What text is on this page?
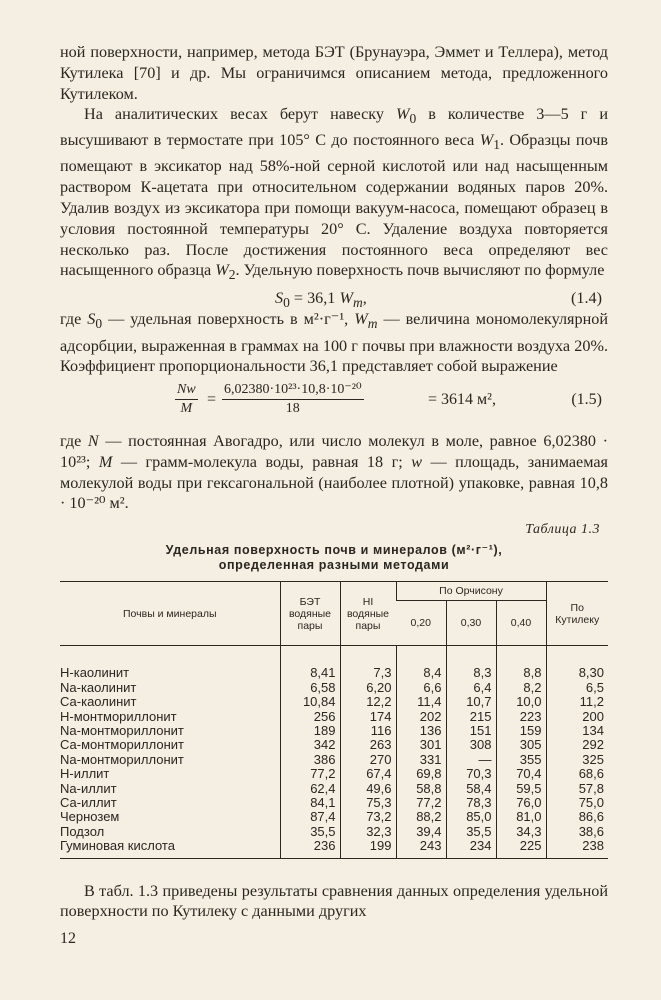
ной поверхности, например, метода БЭТ (Брунауэра, Эммет и Теллера), метод Кутилека [70] и др. Мы ограничимся описанием метода, предложенного Кутилеком.

На аналитических весах берут навеску $W_0$ в количестве 3—5 г и высушивают в термостате при 105° С до постоянного веса $W_1$. Образцы почв помещают в эксикатор над 58%-ной серной кислотой или над насыщенным раствором К-ацетата при относительном содержании водяных паров 20%. Удалив воздух из эксикатора при помощи вакуум-насоса, помещают образец в условия постоянной температуры 20° С. Удаление воздуха повторяется несколько раз. После достижения постоянного веса определяют вес насыщенного образца $W_2$. Удельную поверхность почв вычисляют по формуле

$S_0 = 36,1$ $W_m$,	(1.4)

где $S_0$ — удельная поверхность в м²·г⁻¹, $W_m$ — величина мономолекулярной адсорбции, выраженная в граммах на 100 г почвы при влажности воздуха 20%. Коэффициент пропорциональности 36,1 представляет собой выражение

Nw
M
=
6,02380·10²³·10,8·10⁻²⁰
18
= 3614 м²,	(1.5)

где N — постоянная Авогадро, или число молекул в моле, равное 6,02380 · 10²³; M — грамм-молекула воды, равная 18 г; w — площадь, занимаемая молекулой воды при гексагональной (наиболее плотной) упаковке, равная 10,8 · 10⁻²⁰ м².

Таблица 1.3
Удельная поверхность почв и минералов (м²·г⁻¹),
определенная разными методами
Почвы и минералы	БЭТ водяные пары	HI водяные пары	По Орчисону			По Кутилеку
			0,20	0,30	0,40	
Н-каолинит	8,41	7,3	8,4	8,3	8,8	8,30
Na-каолинит	6,58	6,20	6,6	6,4	8,2	6,5
Са-каолинит	10,84	12,2	11,4	10,7	10,0	11,2
Н-монтмориллонит	256	174	202	215	223	200
Na-монтмориллонит	189	116	136	151	159	134
Са-монтмориллонит	342	263	301	308	305	292
Na-монтмориллонит	386	270	331	—	355	325
Н-иллит	77,2	67,4	69,8	70,3	70,4	68,6
Na-иллит	62,4	49,6	58,8	58,4	59,5	57,8
Са-иллит	84,1	75,3	77,2	78,3	76,0	75,0
Чернозем	87,4	73,2	88,2	85,0	81,0	86,6
Подзол	35,5	32,3	39,4	35,5	34,3	38,6
Гуминовая кислота	236	199	243	234	225	238

В табл. 1.3 приведены результаты сравнения данных определения удельной поверхности по Кутилеку с данными других

12
